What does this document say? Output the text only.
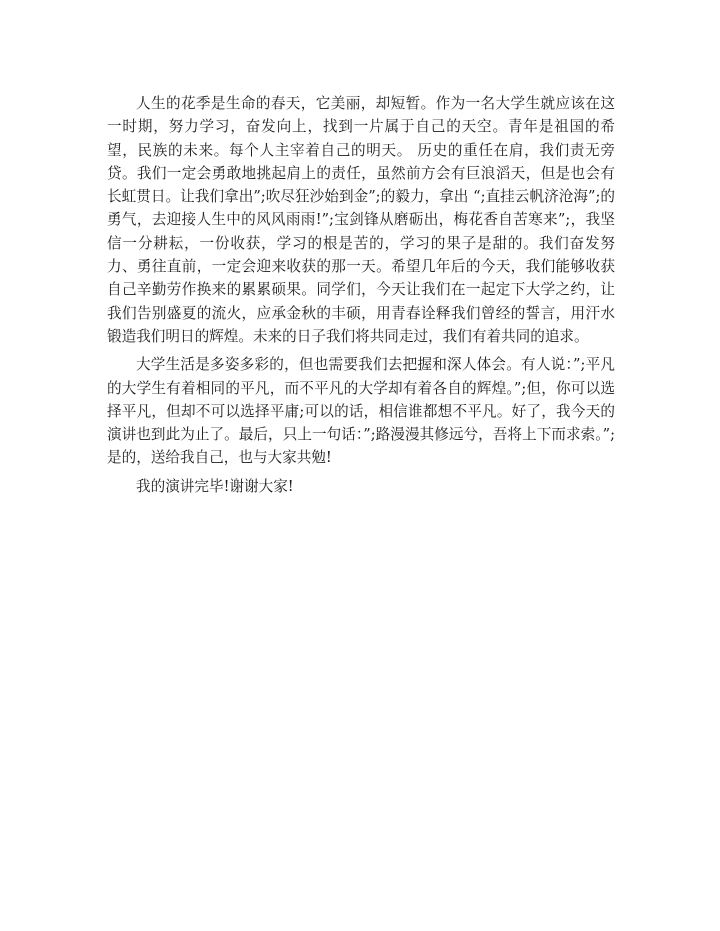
人生的花季是生命的春天，它美丽，却短暂。作为一名大学生就应该在这一时期，努力学习，奋发向上，找到一片属于自己的天空。青年是祖国的希望，民族的未来。每个人主宰着自己的明天。 历史的重任在肩，我们责无旁贷。我们一定会勇敢地挑起肩上的责任，虽然前方会有巨浪滔天，但是也会有长虹贯日。让我们拿出”;吹尽狂沙始到金”;的毅力，拿出 “;直挂云帆济沧海”;的勇气，去迎接人生中的风风雨雨!”;宝剑锋从磨砺出，梅花香自苦寒来”;，我坚信一分耕耘，一份收获，学习的根是苦的，学习的果子是甜的。我们奋发努力、勇往直前，一定会迎来收获的那一天。希望几年后的今天，我们能够收获自己辛勤劳作换来的累累硕果。同学们，今天让我们在一起定下大学之约，让我们告别盛夏的流火，应承金秋的丰硕，用青春诠释我们曾经的誓言，用汗水锻造我们明日的辉煌。未来的日子我们将共同走过，我们有着共同的追求。

大学生活是多姿多彩的，但也需要我们去把握和深人体会。有人说：”;平凡的大学生有着相同的平凡，而不平凡的大学却有着各自的辉煌。”;但，你可以选择平凡，但却不可以选择平庸;可以的话，相信谁都想不平凡。好了，我今天的演讲也到此为止了。最后，只上一句话：”;路漫漫其修远兮，吾将上下而求索。”;是的，送给我自己，也与大家共勉!

我的演讲完毕!谢谢大家!
